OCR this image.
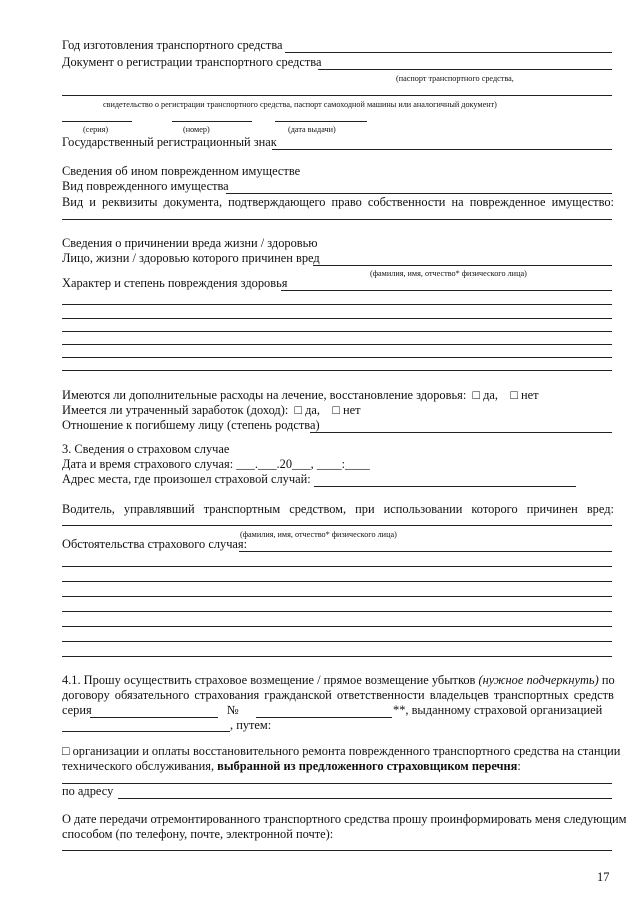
Год изготовления транспортного средства
Документ о регистрации транспортного средства
(паспорт транспортного средства,
свидетельство о регистрации транспортного средства, паспорт самоходной машины или аналогичный документ)
(серия)	(номер)	(дата выдачи)
Государственный регистрационный знак
Сведения об ином поврежденном имуществе
Вид поврежденного имущества
Вид и реквизиты документа, подтверждающего право собственности на поврежденное имущество:
Сведения о причинении вреда жизни / здоровью
Лицо, жизни / здоровью которого причинен вред
(фамилия, имя, отчество* физического лица)
Характер и степень повреждения здоровья
Имеются ли дополнительные расходы на лечение, восстановление здоровья: □ да, □ нет
Имеется ли утраченный заработок (доход): □ да, □ нет
Отношение к погибшему лицу (степень родства)
3. Сведения о страховом случае
Дата и время страхового случая: ___.___.20___, ____:____
Адрес места, где произошел страховой случай:
Водитель, управлявший транспортным средством, при использовании которого причинен вред:
(фамилия, имя, отчество* физического лица)
Обстоятельства страхового случая:
4.1. Прошу осуществить страховое возмещение / прямое возмещение убытков (нужное подчеркнуть) по
договору обязательного страхования гражданской ответственности владельцев транспортных средств
серия	№	**, выданному страховой организацией
, путем:
□ организации и оплаты восстановительного ремонта поврежденного транспортного средства на станции
технического обслуживания, выбранной из предложенного страховщиком перечня:
по адресу
О дате передачи отремонтированного транспортного средства прошу проинформировать меня следующим
способом (по телефону, почте, электронной почте):
17
